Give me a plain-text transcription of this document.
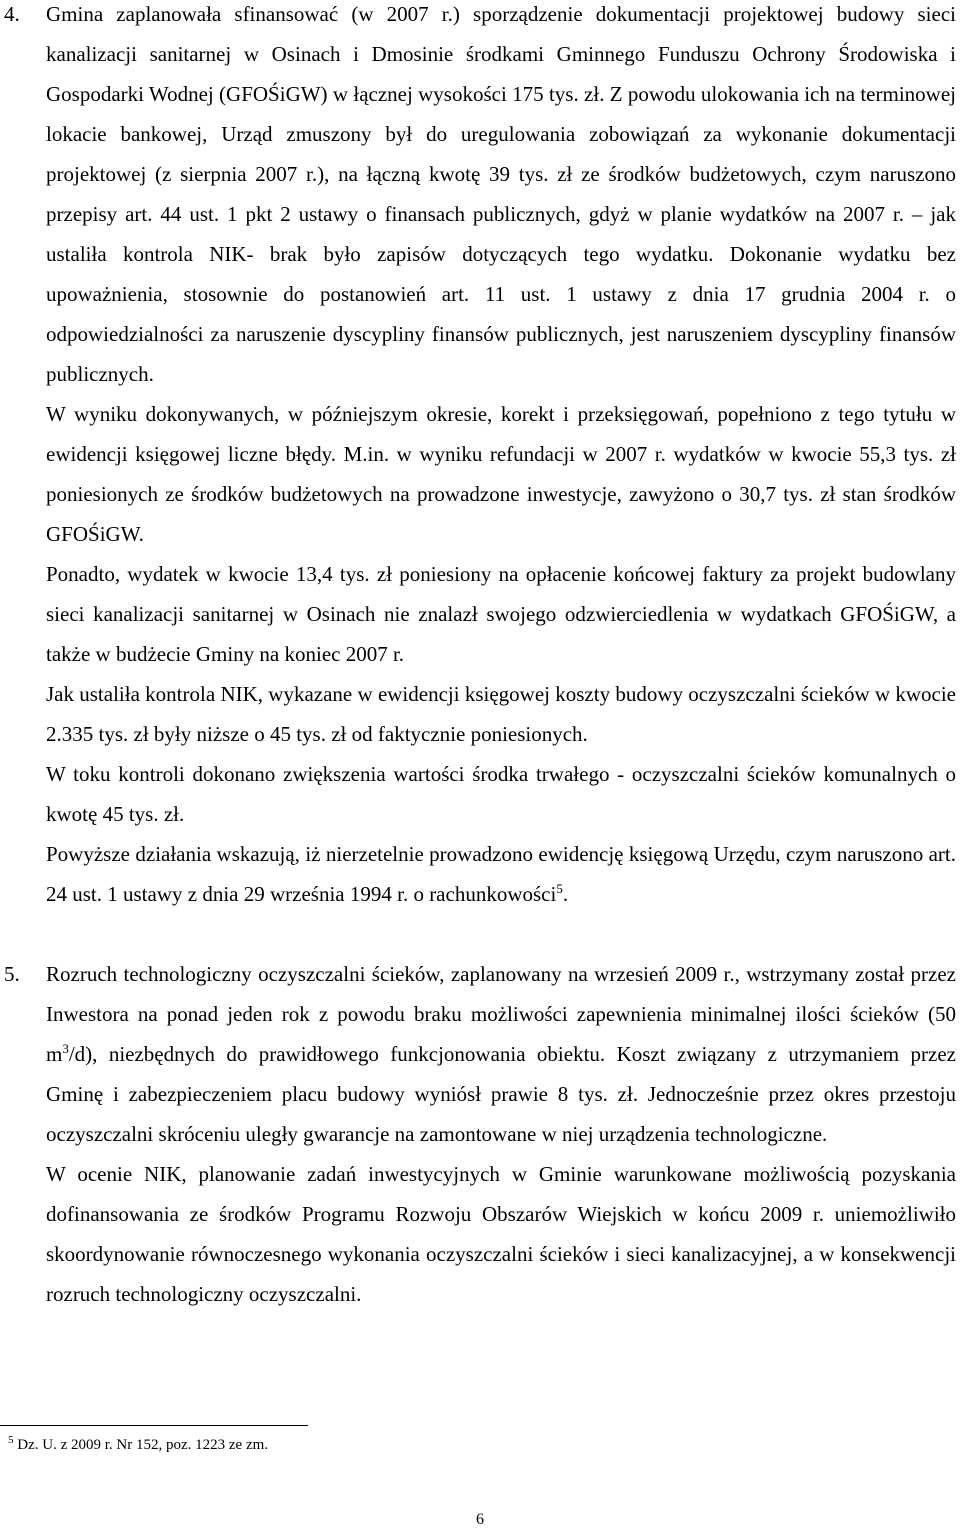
4. Gmina zaplanowała sfinansować (w 2007 r.) sporządzenie dokumentacji projektowej budowy sieci kanalizacji sanitarnej w Osinach i Dmosinie środkami Gminnego Funduszu Ochrony Środowiska i Gospodarki Wodnej (GFOŚiGW) w łącznej wysokości 175 tys. zł. Z powodu ulokowania ich na terminowej lokacie bankowej, Urząd zmuszony był do uregulowania zobowiązań za wykonanie dokumentacji projektowej (z sierpnia 2007 r.), na łączną kwotę 39 tys. zł ze środków budżetowych, czym naruszono przepisy art. 44 ust. 1 pkt 2 ustawy o finansach publicznych, gdyż w planie wydatków na 2007 r. – jak ustaliła kontrola NIK- brak było zapisów dotyczących tego wydatku. Dokonanie wydatku bez upoważnienia, stosownie do postanowień art. 11 ust. 1 ustawy z dnia 17 grudnia 2004 r. o odpowiedzialności za naruszenie dyscypliny finansów publicznych, jest naruszeniem dyscypliny finansów publicznych.

W wyniku dokonywanych, w późniejszym okresie, korekt i przeksięgowań, popełniono z tego tytułu w ewidencji księgowej liczne błędy. M.in. w wyniku refundacji w 2007 r. wydatków w kwocie 55,3 tys. zł poniesionych ze środków budżetowych na prowadzone inwestycje, zawyżono o 30,7 tys. zł stan środków GFOŚiGW.

Ponadto, wydatek w kwocie 13,4 tys. zł poniesiony na opłacenie końcowej faktury za projekt budowlany sieci kanalizacji sanitarnej w Osinach nie znalazł swojego odzwierciedlenia w wydatkach GFOŚiGW, a także w budżecie Gminy na koniec 2007 r.

Jak ustaliła kontrola NIK, wykazane w ewidencji księgowej koszty budowy oczyszczalni ścieków w kwocie 2.335 tys. zł były niższe o 45 tys. zł od faktycznie poniesionych.

W toku kontroli dokonano zwiększenia wartości środka trwałego - oczyszczalni ścieków komunalnych o kwotę 45 tys. zł.

Powyższe działania wskazują, iż nierzetelnie prowadzono ewidencję księgową Urzędu, czym naruszono art. 24 ust. 1 ustawy z dnia 29 września 1994 r. o rachunkowości$^5$.

5. Rozruch technologiczny oczyszczalni ścieków, zaplanowany na wrzesień 2009 r., wstrzymany został przez Inwestora na ponad jeden rok z powodu braku możliwości zapewnienia minimalnej ilości ścieków (50 $m^3/d$), niezbędnych do prawidłowego funkcjonowania obiektu. Koszt związany z utrzymaniem przez Gminę i zabezpieczeniem placu budowy wyniósł prawie 8 tys. zł. Jednocześnie przez okres przestoju oczyszczalni skróceniu uległy gwarancje na zamontowane w niej urządzenia technologiczne.

W ocenie NIK, planowanie zadań inwestycyjnych w Gminie warunkowane możliwością pozyskania dofinansowania ze środków Programu Rozwoju Obszarów Wiejskich w końcu 2009 r. uniemożliwiło skoordynowanie równoczesnego wykonania oczyszczalni ścieków i sieci kanalizacyjnej, a w konsekwencji rozruch technologiczny oczyszczalni.

$^5$ Dz. U. z 2009 r. Nr 152, poz. 1223 ze zm.
6
